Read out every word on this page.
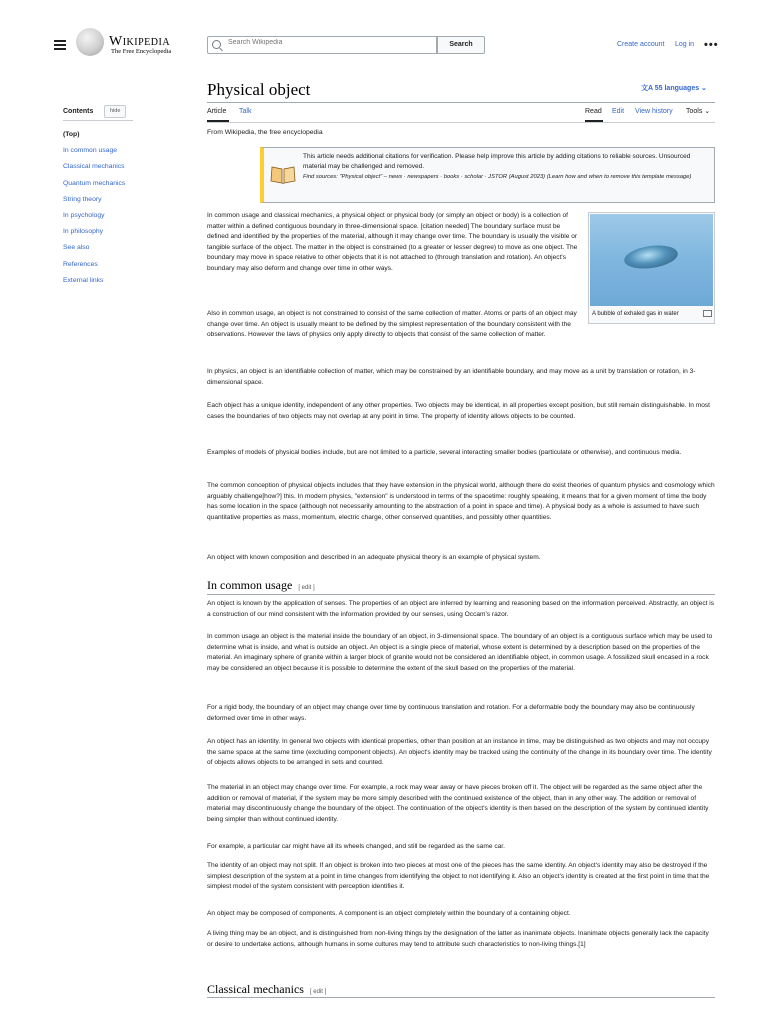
Wikipedia
The Free Encyclopedia
Search Wikipedia
Search	Create account Log in •••
Physical object	文A 55 languages ⌄
Article Talk	Read Edit View history Tools ⌄
From Wikipedia, the free encyclopedia
Contents	hide
(Top)
In common usage
Classical mechanics
Quantum mechanics
String theory
In psychology
In philosophy
See also
References
External links
This article needs additional citations for verification. Please help improve this article by adding citations to reliable sources. Unsourced material may be challenged and removed.
Find sources: "Physical object" – news · newspapers · books · scholar · JSTOR (August 2023) (Learn how and when to remove this template message)
A bubble of exhaled gas in water

In common usage and classical mechanics, a physical object or physical body (or simply an object or body) is a collection of matter within a defined contiguous boundary in three-dimensional space. [citation needed] The boundary surface must be defined and identified by the properties of the material, although it may change over time. The boundary is usually the visible or tangible surface of the object. The matter in the object is constrained (to a greater or lesser degree) to move as one object. The boundary may move in space relative to other objects that it is not attached to (through translation and rotation). An object's boundary may also deform and change over time in other ways.

Also in common usage, an object is not constrained to consist of the same collection of matter. Atoms or parts of an object may change over time. An object is usually meant to be defined by the simplest representation of the boundary consistent with the observations. However the laws of physics only apply directly to objects that consist of the same collection of matter.

In physics, an object is an identifiable collection of matter, which may be constrained by an identifiable boundary, and may move as a unit by translation or rotation, in 3-dimensional space.

Each object has a unique identity, independent of any other properties. Two objects may be identical, in all properties except position, but still remain distinguishable. In most cases the boundaries of two objects may not overlap at any point in time. The property of identity allows objects to be counted.

Examples of models of physical bodies include, but are not limited to a particle, several interacting smaller bodies (particulate or otherwise), and continuous media.

The common conception of physical objects includes that they have extension in the physical world, although there do exist theories of quantum physics and cosmology which arguably challenge[how?] this. In modern physics, "extension" is understood in terms of the spacetime: roughly speaking, it means that for a given moment of time the body has some location in the space (although not necessarily amounting to the abstraction of a point in space and time). A physical body as a whole is assumed to have such quantitative properties as mass, momentum, electric charge, other conserved quantities, and possibly other quantities.

An object with known composition and described in an adequate physical theory is an example of physical system.

In common usage [ edit ]

An object is known by the application of senses. The properties of an object are inferred by learning and reasoning based on the information perceived. Abstractly, an object is a construction of our mind consistent with the information provided by our senses, using Occam's razor.

In common usage an object is the material inside the boundary of an object, in 3-dimensional space. The boundary of an object is a contiguous surface which may be used to determine what is inside, and what is outside an object. An object is a single piece of material, whose extent is determined by a description based on the properties of the material. An imaginary sphere of granite within a larger block of granite would not be considered an identifiable object, in common usage. A fossilized skull encased in a rock may be considered an object because it is possible to determine the extent of the skull based on the properties of the material.

For a rigid body, the boundary of an object may change over time by continuous translation and rotation. For a deformable body the boundary may also be continuously deformed over time in other ways.

An object has an identity. In general two objects with identical properties, other than position at an instance in time, may be distinguished as two objects and may not occupy the same space at the same time (excluding component objects). An object's identity may be tracked using the continuity of the change in its boundary over time. The identity of objects allows objects to be arranged in sets and counted.

The material in an object may change over time. For example, a rock may wear away or have pieces broken off it. The object will be regarded as the same object after the addition or removal of material, if the system may be more simply described with the continued existence of the object, than in any other way. The addition or removal of material may discontinuously change the boundary of the object. The continuation of the object's identity is then based on the description of the system by continued identity being simpler than without continued identity.

For example, a particular car might have all its wheels changed, and still be regarded as the same car.

The identity of an object may not split. If an object is broken into two pieces at most one of the pieces has the same identity. An object's identity may also be destroyed if the simplest description of the system at a point in time changes from identifying the object to not identifying it. Also an object's identity is created at the first point in time that the simplest model of the system consistent with perception identifies it.

An object may be composed of components. A component is an object completely within the boundary of a containing object.

A living thing may be an object, and is distinguished from non-living things by the designation of the latter as inanimate objects. Inanimate objects generally lack the capacity or desire to undertake actions, although humans in some cultures may tend to attribute such characteristics to non-living things.[1]

Classical mechanics [ edit ]
